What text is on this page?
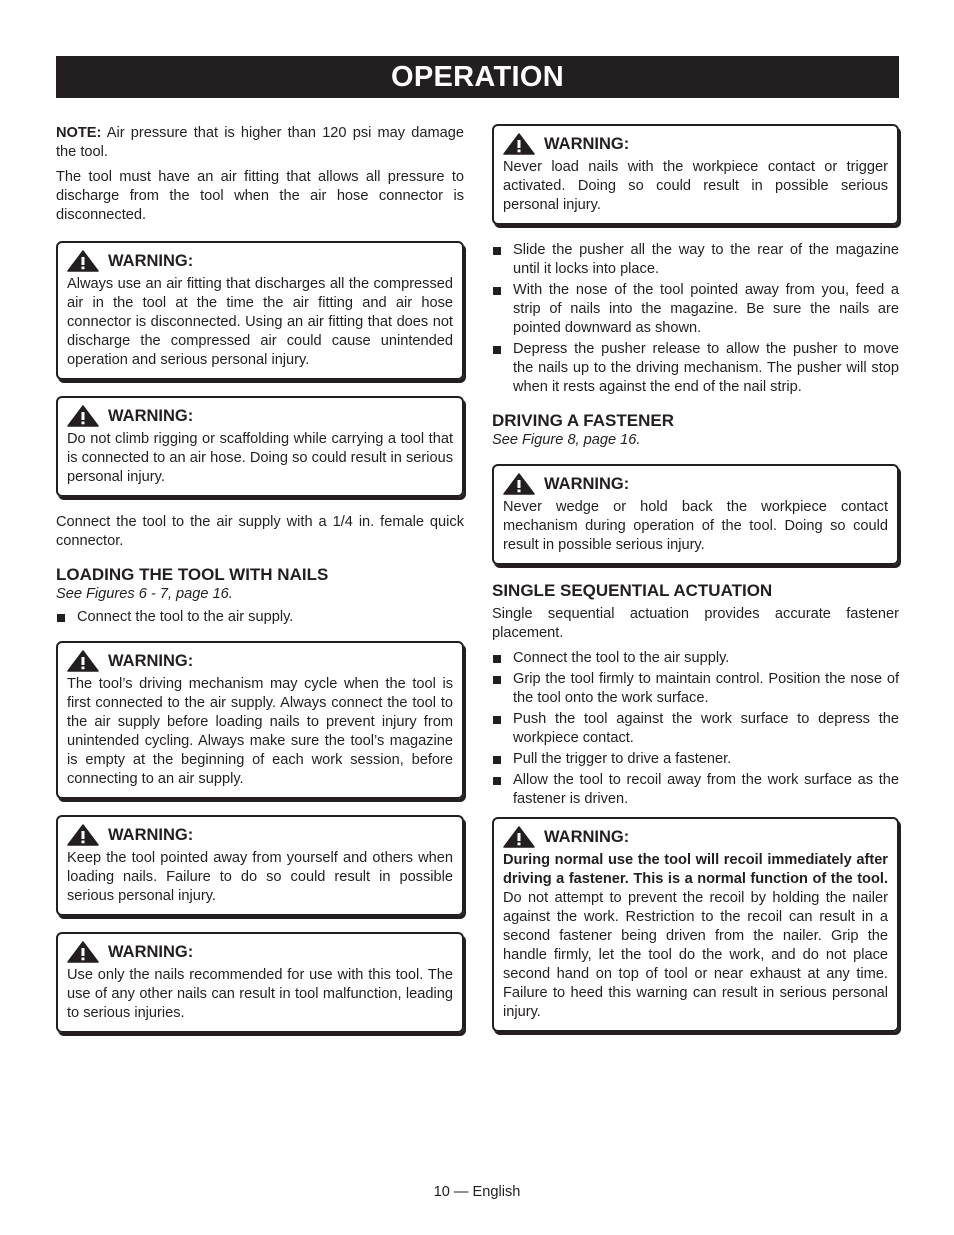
OPERATION

NOTE: Air pressure that is higher than 120 psi may damage the tool.

The tool must have an air fitting that allows all pressure to discharge from the tool when the air hose connector is disconnected.

WARNING:
Always use an air fitting that discharges all the compressed air in the tool at the time the air fitting and air hose connector is disconnected. Using an air fitting that does not discharge the compressed air could cause unintended operation and serious personal injury.
WARNING:
Do not climb rigging or scaffolding while carrying a tool that is connected to an air hose. Doing so could result in serious personal injury.

Connect the tool to the air supply with a 1/4 in. female quick connector.

LOADING THE TOOL WITH NAILS
See Figures 6 - 7, page 16.
Connect the tool to the air supply.
WARNING:
The tool’s driving mechanism may cycle when the tool is first connected to the air supply. Always connect the tool to the air supply before loading nails to prevent injury from unintended cycling. Always make sure the tool’s magazine is empty at the beginning of each work session, before connecting to an air supply.
WARNING:
Keep the tool pointed away from yourself and others when loading nails. Failure to do so could result in possible serious personal injury.
WARNING:
Use only the nails recommended for use with this tool. The use of any other nails can result in tool malfunction, leading to serious injuries.
WARNING:
Never load nails with the workpiece contact or trigger activated. Doing so could result in possible serious personal injury.
Slide the pusher all the way to the rear of the magazine until it locks into place.
With the nose of the tool pointed away from you, feed a strip of nails into the magazine. Be sure the nails are pointed downward as shown.
Depress the pusher release to allow the pusher to move the nails up to the driving mechanism. The pusher will stop when it rests against the end of the nail strip.
DRIVING A FASTENER
See Figure 8, page 16.
WARNING:
Never wedge or hold back the workpiece contact mechanism during operation of the tool. Doing so could result in possible serious injury.
SINGLE SEQUENTIAL ACTUATION

Single sequential actuation provides accurate fastener placement.

Connect the tool to the air supply.
Grip the tool firmly to maintain control. Position the nose of the tool onto the work surface.
Push the tool against the work surface to depress the workpiece contact.
Pull the trigger to drive a fastener.
Allow the tool to recoil away from the work surface as the fastener is driven.
WARNING:
During normal use the tool will recoil immediately after driving a fastener. This is a normal function of the tool. Do not attempt to prevent the recoil by holding the nailer against the work. Restriction to the recoil can result in a second fastener being driven from the nailer. Grip the handle firmly, let the tool do the work, and do not place second hand on top of tool or near exhaust at any time. Failure to heed this warning can result in serious personal injury.
10 — English
